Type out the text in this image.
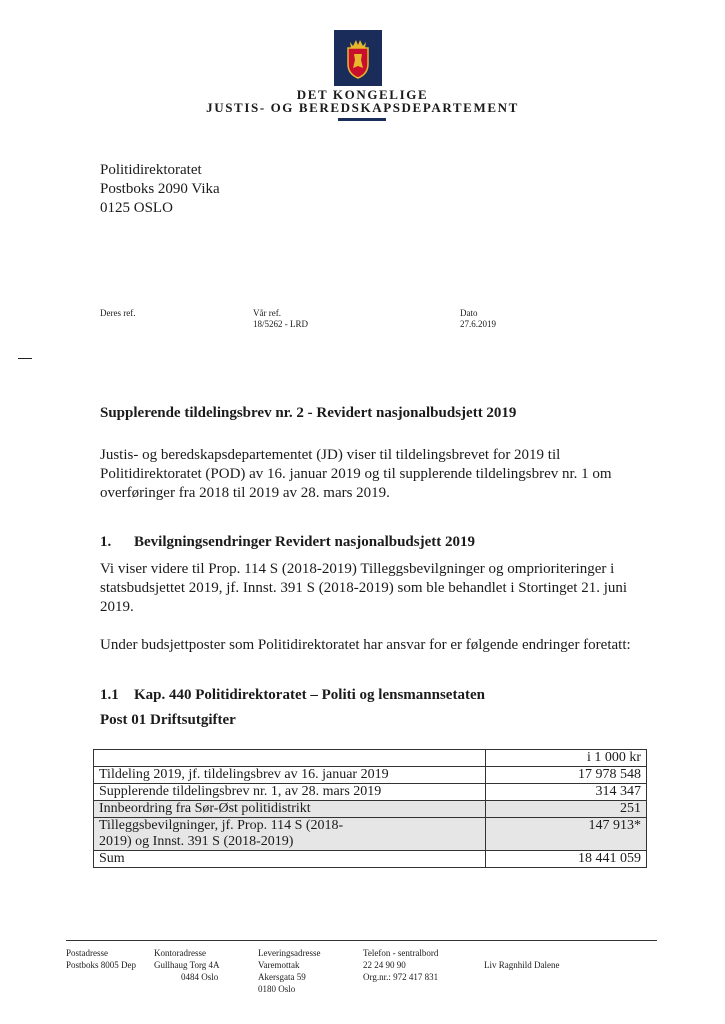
DET KONGELIGE
JUSTIS- OG BEREDSKAPSDEPARTEMENT
Politidirektoratet
Postboks 2090 Vika
0125 OSLO
Deres ref.	Vår ref.
18/5262 - LRD
Dato
27.6.2019
Supplerende tildelingsbrev nr. 2 - Revidert nasjonalbudsjett 2019
Justis- og beredskapsdepartementet (JD) viser til tildelingsbrevet for 2019 til Politidirektoratet (POD) av 16. januar 2019 og til supplerende tildelingsbrev nr. 1 om overføringer fra 2018 til 2019 av 28. mars 2019.
1. Bevilgningsendringer Revidert nasjonalbudsjett 2019
Vi viser videre til Prop. 114 S (2018-2019) Tilleggsbevilgninger og omprioriteringer i statsbudsjettet 2019, jf. Innst. 391 S (2018-2019) som ble behandlet i Stortinget 21. juni 2019.
Under budsjettposter som Politidirektoratet har ansvar for er følgende endringer foretatt:
1.1 Kap. 440 Politidirektoratet – Politi og lensmannsetaten
Post 01 Driftsutgifter
	i 1 000 kr
Tildeling 2019, jf. tildelingsbrev av 16. januar 2019	17 978 548
Supplerende tildelingsbrev nr. 1, av 28. mars 2019	314 347
Innbeordring fra Sør-Øst politidistrikt	251
Tilleggsbevilgninger, jf. Prop. 114 S (2018-2019) og Innst. 391 S (2018-2019)	147 913*
Sum	18 441 059
Postadresse
Postboks 8005 Dep
Kontoradresse
Gullhaug Torg 4A
0484 Oslo
Leveringsadresse
Varemottak
Akersgata 59
0180 Oslo
Telefon - sentralbord
22 24 90 90
Org.nr.: 972 417 831
Liv Ragnhild Dalene
